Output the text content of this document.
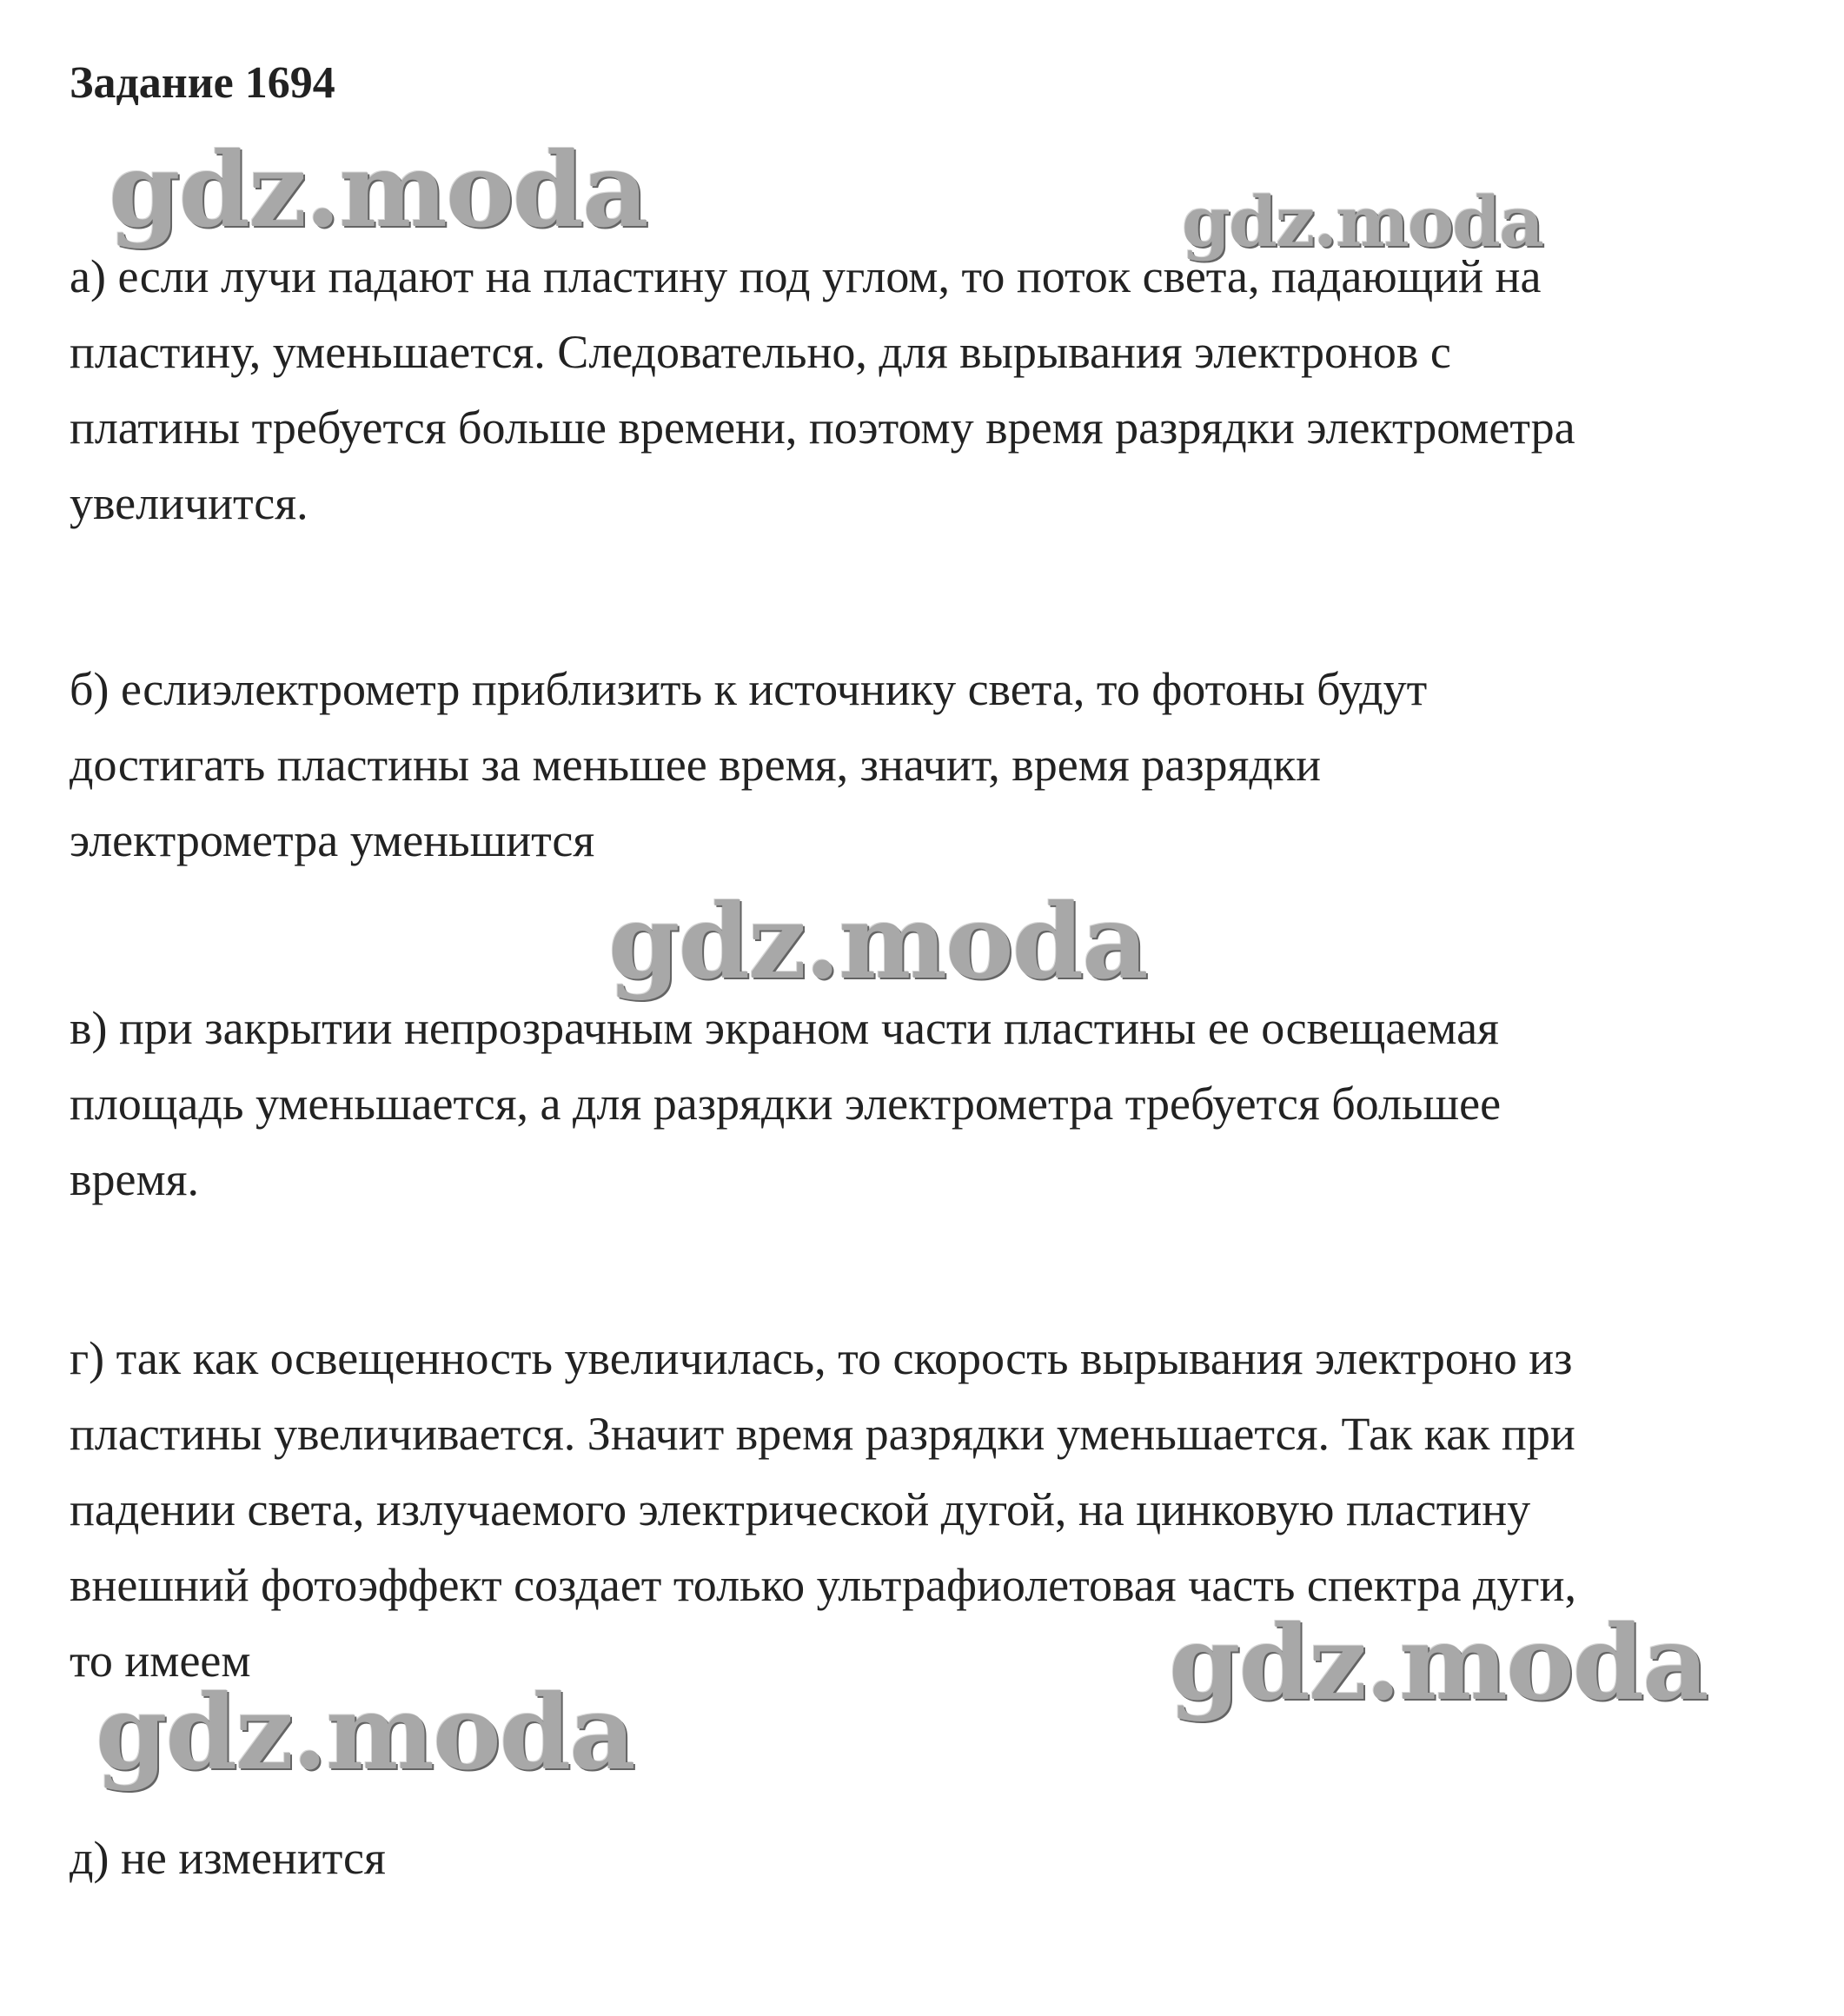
Задание 1694
gdz.moda	gdz.moda

а) если лучи падают на пластину под углом, то поток света, падающий на
пластину, уменьшается. Следовательно, для вырывания электронов с
платины требуется больше времени, поэтому время разрядки электрометра
увеличится.

б) еслиэлектрометр приблизить к источнику света, то фотоны будут
достигать пластины за меньшее время, значит, время разрядки
электрометра уменьшится

gdz.moda

в) при закрытии непрозрачным экраном части пластины ее освещаемая
площадь уменьшается, а для разрядки электрометра требуется большее
время.

г) так как освещенность увеличилась, то скорость вырывания электроно из
пластины увеличивается. Значит время разрядки уменьшается. Так как при
падении света, излучаемого электрической дугой, на цинковую пластину
внешний фотоэффект создает только ультрафиолетовая часть спектра дуги,
то имеем	gdz.moda
gdz.moda

д) не изменится
